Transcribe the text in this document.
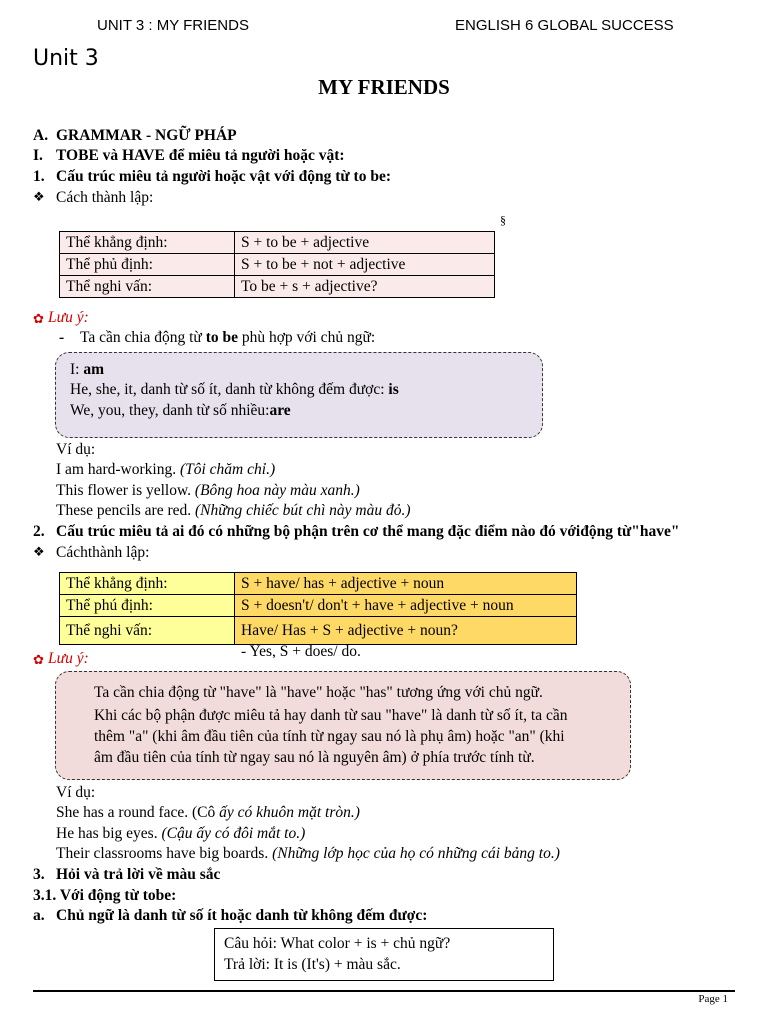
UNIT 3 : MY FRIENDS	ENGLISH 6 GLOBAL SUCCESS
Unit 3
MY FRIENDS
A. GRAMMAR - NGỮ PHÁP
I. TOBE và HAVE để miêu tả người hoặc vật:
1. Cấu trúc miêu tả người hoặc vật với động từ to be:
❖ Cách thành lập:
§
Thể khẳng định:	S + to be + adjective
Thể phủ định:	S + to be + not + adjective
Thể nghi vấn:	To be + s + adjective?
✿ Lưu ý:
- Ta cần chia động từ to be phù hợp với chủ ngữ:
I: am
He, she, it, danh từ số ít, danh từ không đếm được: is
We, you, they, danh từ số nhiều:are
Ví dụ:
I am hard-working. (Tôi chăm chỉ.)
This flower is yellow. (Bông hoa này màu xanh.)
These pencils are red. (Những chiếc bút chì này màu đỏ.)
2. Cấu trúc miêu tả ai đó có những bộ phận trên cơ thể mang đặc điểm nào đó vớiđộng từ"have"
❖ Cáchthành lập:
Thể khẳng định:	S + have/ has + adjective + noun
Thể phú định:	S + doesn't/ don't + have + adjective + noun
Thể nghi vấn:	Have/ Has + S + adjective + noun?
- Yes, S + does/ do.
✿ Lưu ý:
Ta cần chia động từ "have" là "have" hoặc "has" tương ứng với chủ ngữ.
Khi các bộ phận được miêu tả hay danh từ sau "have" là danh từ số ít, ta cần
thêm "a" (khi âm đầu tiên của tính từ ngay sau nó là phụ âm) hoặc "an" (khi
âm đầu tiên của tính từ ngay sau nó là nguyên âm) ở phía trước tính từ.
Ví dụ:
She has a round face. (Cô ấy có khuôn mặt tròn.)
He has big eyes. (Cậu ấy có đôi mắt to.)
Their classrooms have big boards. (Những lớp học của họ có những cái bảng to.)
3. Hỏi và trả lời về màu sắc
3.1. Với động từ tobe:
a. Chủ ngữ là danh từ số ít hoặc danh từ không đếm được:
Câu hỏi: What color + is + chủ ngữ?
Trả lời: It is (It's) + màu sắc.
Page 1
